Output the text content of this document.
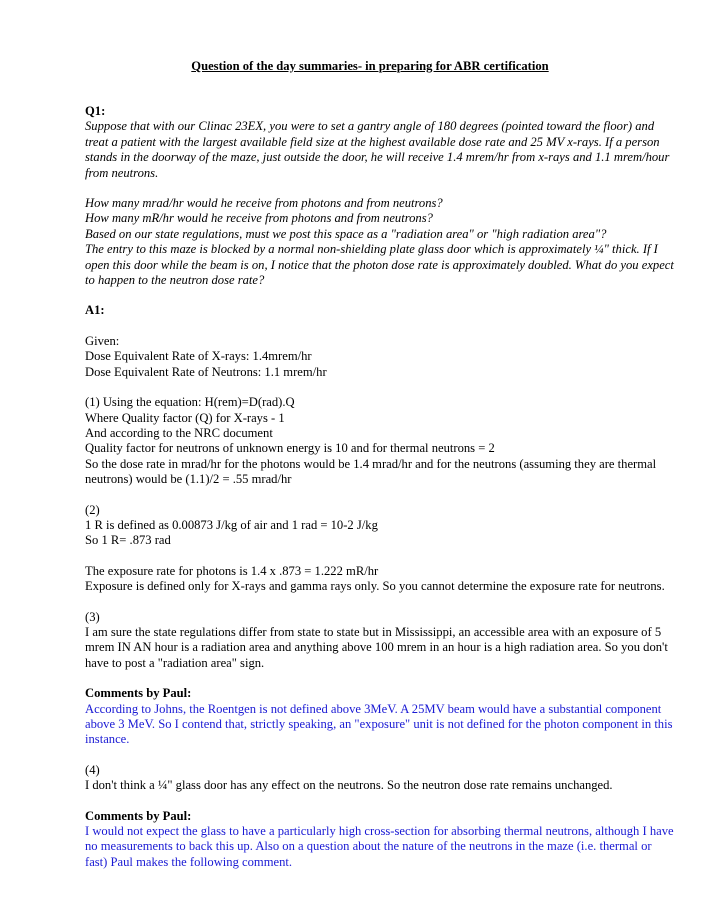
Question of the day summaries- in preparing for ABR certification

Q1:

Suppose that with our Clinac 23EX, you were to set a gantry angle of 180 degrees (pointed toward the floor) and treat a patient with the largest available field size at the highest available dose rate and 25 MV x-rays. If a person stands in the doorway of the maze, just outside the door, he will receive 1.4 mrem/hr from x-rays and 1.1 mrem/hour from neutrons.

How many mrad/hr would he receive from photons and from neutrons?

How many mR/hr would he receive from photons and from neutrons?

Based on our state regulations, must we post this space as a "radiation area" or "high radiation area"?

The entry to this maze is blocked by a normal non-shielding plate glass door which is approximately ¼" thick. If I open this door while the beam is on, I notice that the photon dose rate is approximately doubled. What do you expect to happen to the neutron dose rate?

A1:

Given:

Dose Equivalent Rate of X-rays: 1.4mrem/hr

Dose Equivalent Rate of Neutrons: 1.1 mrem/hr

(1) Using the equation: H(rem)=D(rad).Q

Where Quality factor (Q) for X-rays - 1

And according to the NRC document

Quality factor for neutrons of unknown energy is 10 and for thermal neutrons = 2

So the dose rate in mrad/hr for the photons would be 1.4 mrad/hr and for the neutrons (assuming they are thermal neutrons) would be (1.1)/2 = .55 mrad/hr

(2)

1 R is defined as 0.00873 J/kg of air and 1 rad = 10-2 J/kg

So 1 R= .873 rad

The exposure rate for photons is 1.4 x .873 = 1.222 mR/hr

Exposure is defined only for X-rays and gamma rays only. So you cannot determine the exposure rate for neutrons.

(3)

I am sure the state regulations differ from state to state but in Mississippi, an accessible area with an exposure of 5 mrem IN AN hour is a radiation area and anything above 100 mrem in an hour is a high radiation area. So you don't have to post a "radiation area" sign.

Comments by Paul:

According to Johns, the Roentgen is not defined above 3MeV. A 25MV beam would have a substantial component above 3 MeV. So I contend that, strictly speaking, an "exposure" unit is not defined for the photon component in this instance.

(4)

I don't think a ¼" glass door has any effect on the neutrons. So the neutron dose rate remains unchanged.

Comments by Paul:

I would not expect the glass to have a particularly high cross-section for absorbing thermal neutrons, although I have no measurements to back this up. Also on a question about the nature of the neutrons in the maze (i.e. thermal or fast) Paul makes the following comment.
